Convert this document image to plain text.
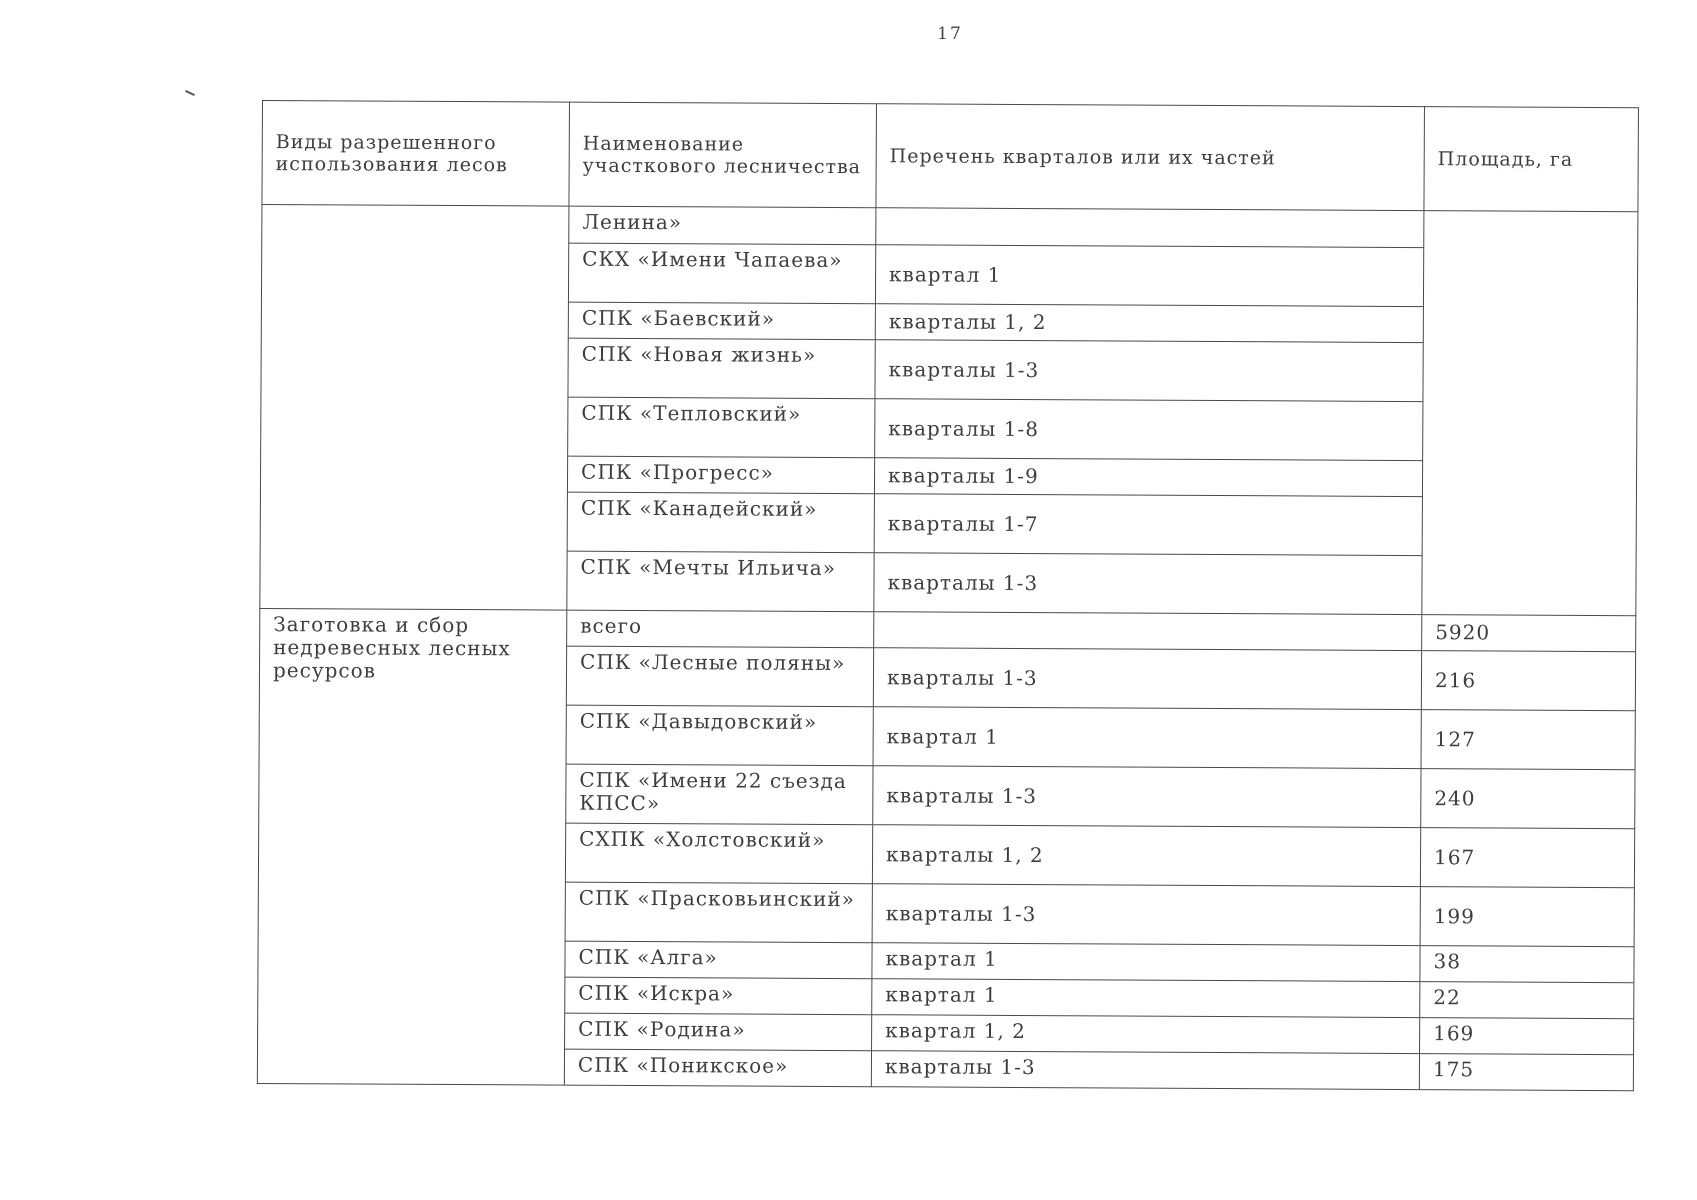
17
Виды разрешенного использования лесов	Наименование участкового лесничества	Перечень кварталов или их частей	Площадь, га
	Ленина»		
	СКХ «Имени Чапаева»	квартал 1	
	СПК «Баевский»	кварталы 1, 2	
	СПК «Новая жизнь»	кварталы 1-3	
	СПК «Тепловский»	кварталы 1-8	
	СПК «Прогресс»	кварталы 1-9	
	СПК «Канадейский»	кварталы 1-7	
	СПК «Мечты Ильича»	кварталы 1-3	
Заготовка и сбор недревесных лесных ресурсов	всего		5920
	СПК «Лесные поляны»	кварталы 1-3	216
	СПК «Давыдовский»	квартал 1	127
	СПК «Имени 22 съезда КПСС»	кварталы 1-3	240
	СХПК «Холстовский»	кварталы 1, 2	167
	СПК «Прасковьинский»	кварталы 1-3	199
	СПК «Алга»	квартал 1	38
	СПК «Искра»	квартал 1	22
	СПК «Родина»	квартал 1, 2	169
	СПК «Поникское»	кварталы 1-3	175
